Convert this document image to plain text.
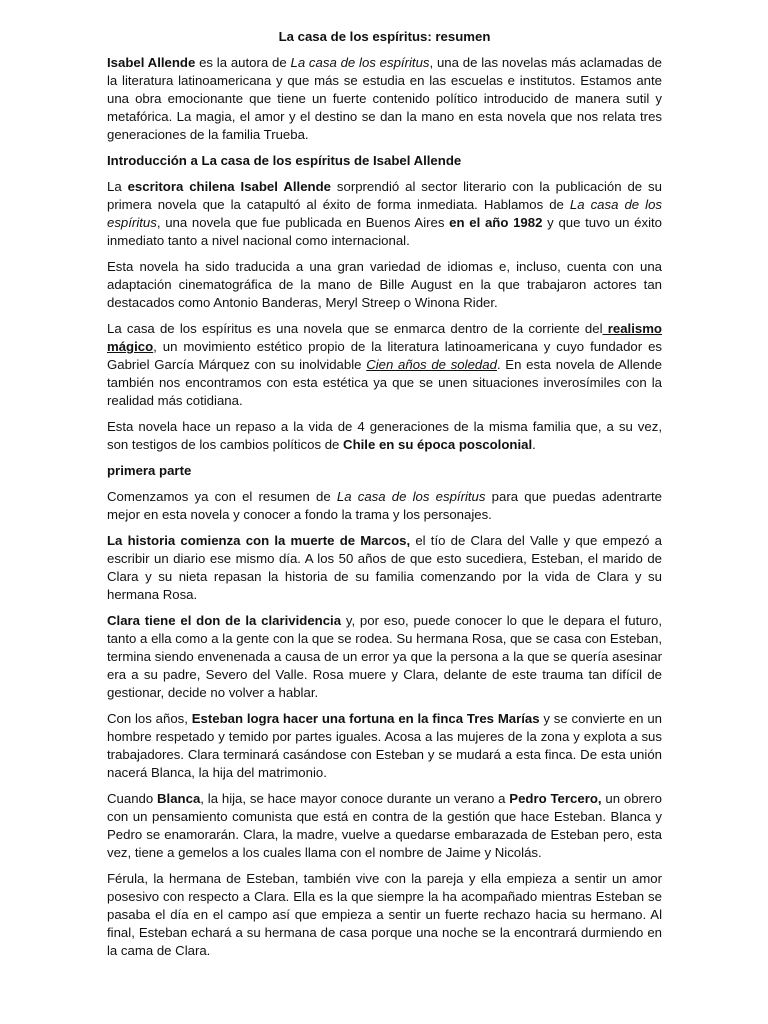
La casa de los espíritus: resumen

Isabel Allende es la autora de La casa de los espíritus, una de las novelas más aclamadas de la literatura latinoamericana y que más se estudia en las escuelas e institutos. Estamos ante una obra emocionante que tiene un fuerte contenido político introducido de manera sutil y metafórica. La magia, el amor y el destino se dan la mano en esta novela que nos relata tres generaciones de la familia Trueba.

Introducción a La casa de los espíritus de Isabel Allende

La escritora chilena Isabel Allende sorprendió al sector literario con la publicación de su primera novela que la catapultó al éxito de forma inmediata. Hablamos de La casa de los espíritus, una novela que fue publicada en Buenos Aires en el año 1982 y que tuvo un éxito inmediato tanto a nivel nacional como internacional.

Esta novela ha sido traducida a una gran variedad de idiomas e, incluso, cuenta con una adaptación cinematográfica de la mano de Bille August en la que trabajaron actores tan destacados como Antonio Banderas, Meryl Streep o Winona Rider.

La casa de los espíritus es una novela que se enmarca dentro de la corriente del realismo mágico, un movimiento estético propio de la literatura latinoamericana y cuyo fundador es Gabriel García Márquez con su inolvidable Cien años de soledad. En esta novela de Allende también nos encontramos con esta estética ya que se unen situaciones inverosímiles con la realidad más cotidiana.

Esta novela hace un repaso a la vida de 4 generaciones de la misma familia que, a su vez, son testigos de los cambios políticos de Chile en su época poscolonial.

primera parte

Comenzamos ya con el resumen de La casa de los espíritus para que puedas adentrarte mejor en esta novela y conocer a fondo la trama y los personajes.

La historia comienza con la muerte de Marcos, el tío de Clara del Valle y que empezó a escribir un diario ese mismo día. A los 50 años de que esto sucediera, Esteban, el marido de Clara y su nieta repasan la historia de su familia comenzando por la vida de Clara y su hermana Rosa.

Clara tiene el don de la clarividencia y, por eso, puede conocer lo que le depara el futuro, tanto a ella como a la gente con la que se rodea. Su hermana Rosa, que se casa con Esteban, termina siendo envenenada a causa de un error ya que la persona a la que se quería asesinar era a su padre, Severo del Valle. Rosa muere y Clara, delante de este trauma tan difícil de gestionar, decide no volver a hablar.

Con los años, Esteban logra hacer una fortuna en la finca Tres Marías y se convierte en un hombre respetado y temido por partes iguales. Acosa a las mujeres de la zona y explota a sus trabajadores. Clara terminará casándose con Esteban y se mudará a esta finca. De esta unión nacerá Blanca, la hija del matrimonio.

Cuando Blanca, la hija, se hace mayor conoce durante un verano a Pedro Tercero, un obrero con un pensamiento comunista que está en contra de la gestión que hace Esteban. Blanca y Pedro se enamorarán. Clara, la madre, vuelve a quedarse embarazada de Esteban pero, esta vez, tiene a gemelos a los cuales llama con el nombre de Jaime y Nicolás.

Férula, la hermana de Esteban, también vive con la pareja y ella empieza a sentir un amor posesivo con respecto a Clara. Ella es la que siempre la ha acompañado mientras Esteban se pasaba el día en el campo así que empieza a sentir un fuerte rechazo hacia su hermano. Al final, Esteban echará a su hermana de casa porque una noche se la encontrará durmiendo en la cama de Clara.
